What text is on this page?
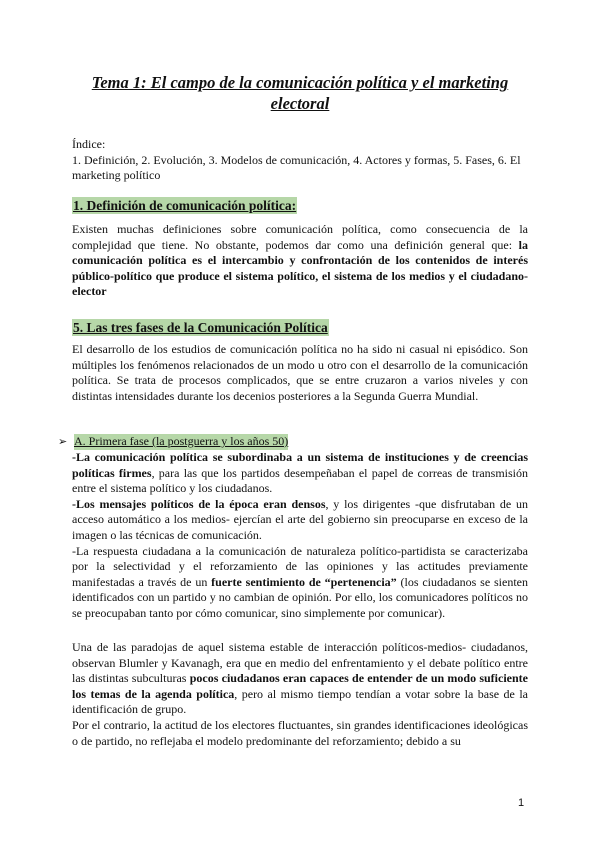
Tema 1: El campo de la comunicación política y el marketing electoral
Índice:
1. Definición, 2. Evolución, 3. Modelos de comunicación, 4. Actores y formas, 5. Fases, 6. El marketing político
1. Definición de comunicación política:
Existen muchas definiciones sobre comunicación política, como consecuencia de la complejidad que tiene. No obstante, podemos dar como una definición general que: la comunicación política es el intercambio y confrontación de los contenidos de interés público-político que produce el sistema político, el sistema de los medios y el ciudadano-elector
5. Las tres fases de la Comunicación Política
El desarrollo de los estudios de comunicación política no ha sido ni casual ni episódico. Son múltiples los fenómenos relacionados de un modo u otro con el desarrollo de la comunicación política. Se trata de procesos complicados, que se entre cruzaron a varios niveles y con distintas intensidades durante los decenios posteriores a la Segunda Guerra Mundial.
➢ A. Primera fase (la postguerra y los años 50)
-La comunicación política se subordinaba a un sistema de instituciones y de creencias políticas firmes, para las que los partidos desempeñaban el papel de correas de transmisión entre el sistema político y los ciudadanos.
-Los mensajes políticos de la época eran densos, y los dirigentes -que disfrutaban de un acceso automático a los medios- ejercían el arte del gobierno sin preocuparse en exceso de la imagen o las técnicas de comunicación.
-La respuesta ciudadana a la comunicación de naturaleza político-partidista se caracterizaba por la selectividad y el reforzamiento de las opiniones y las actitudes previamente manifestadas a través de un fuerte sentimiento de “pertenencia” (los ciudadanos se sienten identificados con un partido y no cambian de opinión. Por ello, los comunicadores políticos no se preocupaban tanto por cómo comunicar, sino simplemente por comunicar).
Una de las paradojas de aquel sistema estable de interacción políticos-medios- ciudadanos, observan Blumler y Kavanagh, era que en medio del enfrentamiento y el debate político entre las distintas subculturas pocos ciudadanos eran capaces de entender de un modo suficiente los temas de la agenda política, pero al mismo tiempo tendían a votar sobre la base de la identificación de grupo.
Por el contrario, la actitud de los electores fluctuantes, sin grandes identificaciones ideológicas o de partido, no reflejaba el modelo predominante del reforzamiento; debido a su
1
